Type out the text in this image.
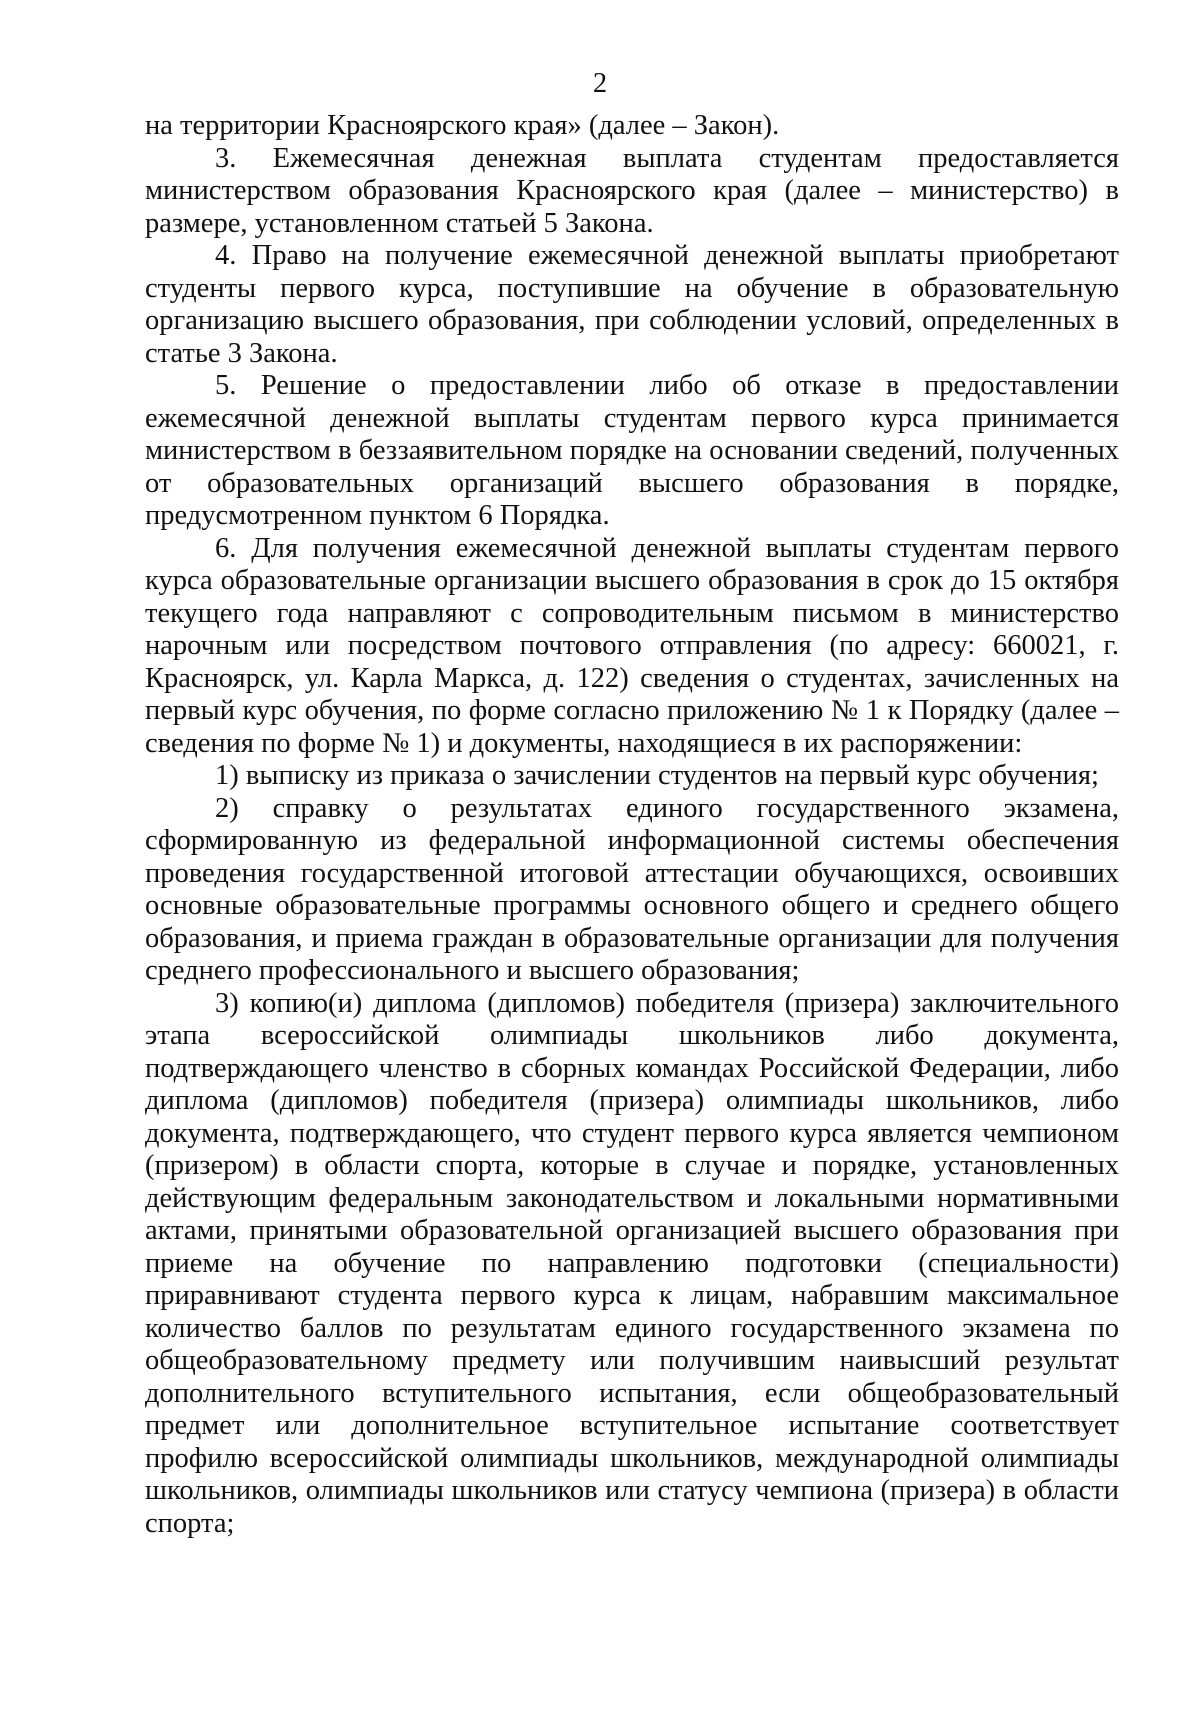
2

на территории Красноярского края» (далее – Закон).

3. Ежемесячная денежная выплата студентам предоставляется министерством образования Красноярского края (далее – министерство) в размере, установленном статьей 5 Закона.

4. Право на получение ежемесячной денежной выплаты приобретают студенты первого курса, поступившие на обучение в образовательную организацию высшего образования, при соблюдении условий, определенных в статье 3 Закона.

5. Решение о предоставлении либо об отказе в предоставлении ежемесячной денежной выплаты студентам первого курса принимается министерством в беззаявительном порядке на основании сведений, полученных от образовательных организаций высшего образования в порядке, предусмотренном пунктом 6 Порядка.

6. Для получения ежемесячной денежной выплаты студентам первого курса образовательные организации высшего образования в срок до 15 октября текущего года направляют с сопроводительным письмом в министерство нарочным или посредством почтового отправления (по адресу: 660021, г. Красноярск, ул. Карла Маркса, д. 122) сведения о студентах, зачисленных на первый курс обучения, по форме согласно приложению № 1 к Порядку (далее – сведения по форме № 1) и документы, находящиеся в их распоряжении:

1) выписку из приказа о зачислении студентов на первый курс обучения;

2) справку о результатах единого государственного экзамена, сформированную из федеральной информационной системы обеспечения проведения государственной итоговой аттестации обучающихся, освоивших основные образовательные программы основного общего и среднего общего образования, и приема граждан в образовательные организации для получения среднего профессионального и высшего образования;

3) копию(и) диплома (дипломов) победителя (призера) заключительного этапа всероссийской олимпиады школьников либо документа, подтверждающего членство в сборных командах Российской Федерации, либо диплома (дипломов) победителя (призера) олимпиады школьников, либо документа, подтверждающего, что студент первого курса является чемпионом (призером) в области спорта, которые в случае и порядке, установленных действующим федеральным законодательством и локальными нормативными актами, принятыми образовательной организацией высшего образования при приеме на обучение по направлению подготовки (специальности) приравнивают студента первого курса к лицам, набравшим максимальное количество баллов по результатам единого государственного экзамена по общеобразовательному предмету или получившим наивысший результат дополнительного вступительного испытания, если общеобразовательный предмет или дополнительное вступительное испытание соответствует профилю всероссийской олимпиады школьников, международной олимпиады школьников, олимпиады школьников или статусу чемпиона (призера) в области спорта;
